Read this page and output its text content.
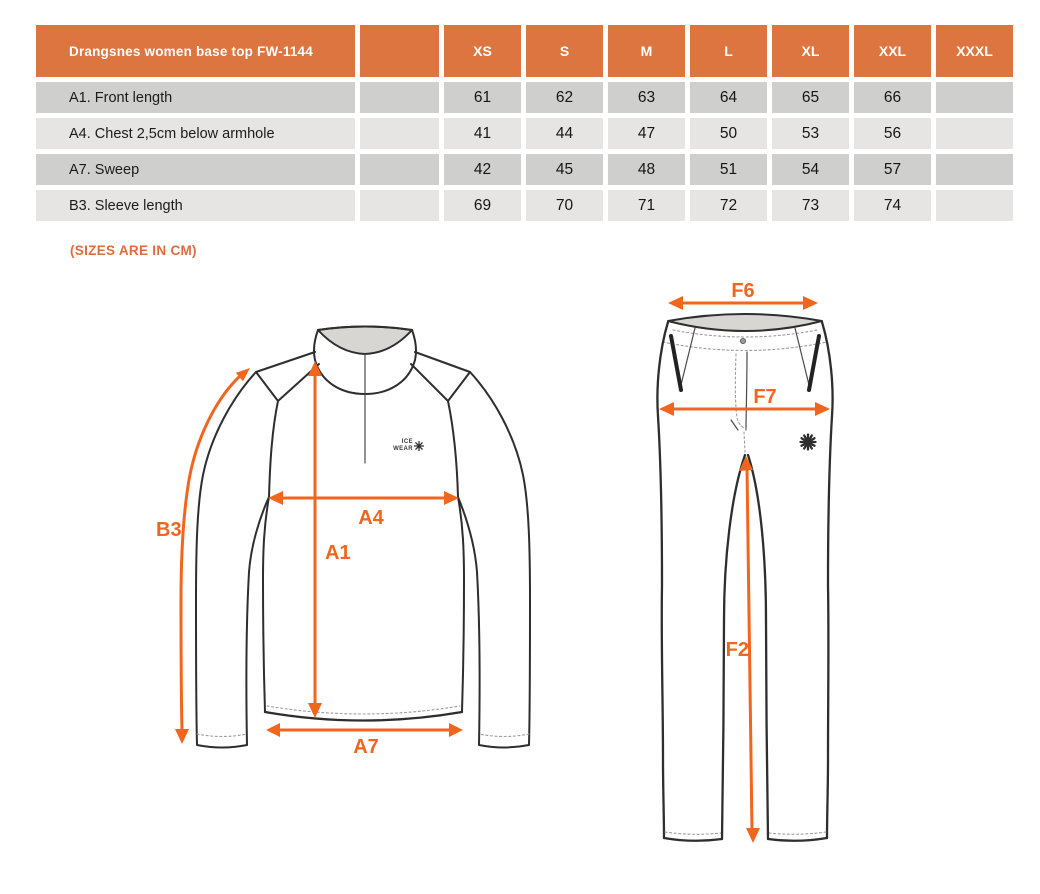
Drangsnes women base top FW-1144	XS	S	M	L	XL	XXL	XXXL
A1. Front length	61	62	63	64	65	66
A4. Chest 2,5cm below armhole	41	44	47	50	53	56
A7. Sweep	42	45	48	51	54	57
B3. Sleeve length	69	70	71	72	73	74
(SIZES ARE IN CM)
ICE
WEAR
B3
A1
A4
A7
F6
F7
F2
